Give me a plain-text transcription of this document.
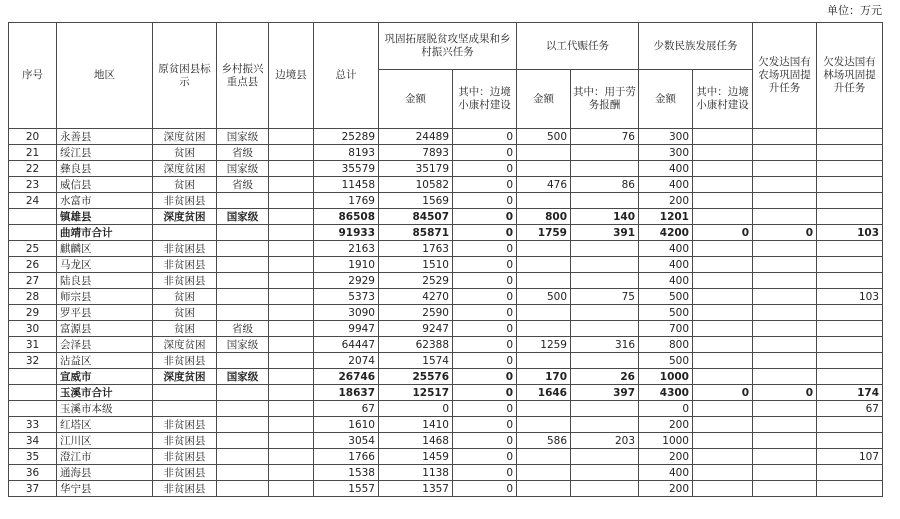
单位：万元
序号	地区	原贫困县标示	乡村振兴重点县	边境县	总计	巩固拓展脱贫攻坚成果和乡村振兴任务		以工代赈任务		少数民族发展任务		欠发达国有农场巩固提升任务	欠发达国有林场巩固提升任务
						金额	其中：边境小康村建设	金额	其中：用于劳务报酬	金额	其中：边境小康村建设		
20	永善县	深度贫困	国家级		25289	24489	0	500	76	300			
21	绥江县	贫困	省级		8193	7893	0			300			
22	彝良县	深度贫困	国家级		35579	35179	0			400			
23	威信县	贫困	省级		11458	10582	0	476	86	400			
24	水富市	非贫困县			1769	1569	0			200			
	镇雄县	深度贫困	国家级		86508	84507	0	800	140	1201			
	曲靖市合计				91933	85871	0	1759	391	4200	0	0	103
25	麒麟区	非贫困县			2163	1763	0			400			
26	马龙区	非贫困县			1910	1510	0			400			
27	陆良县	非贫困县			2929	2529	0			400			
28	师宗县	贫困			5373	4270	0	500	75	500			103
29	罗平县	贫困			3090	2590	0			500			
30	富源县	贫困	省级		9947	9247	0			700			
31	会泽县	深度贫困	国家级		64447	62388	0	1259	316	800			
32	沾益区	非贫困县			2074	1574	0			500			
	宣威市	深度贫困	国家级		26746	25576	0	170	26	1000			
	玉溪市合计				18637	12517	0	1646	397	4300	0	0	174
	玉溪市本级				67	0	0			0			67
33	红塔区	非贫困县			1610	1410	0			200			
34	江川区	非贫困县			3054	1468	0	586	203	1000			
35	澄江市	非贫困县			1766	1459	0			200			107
36	通海县	非贫困县			1538	1138	0			400			
37	华宁县	非贫困县			1557	1357	0			200			
